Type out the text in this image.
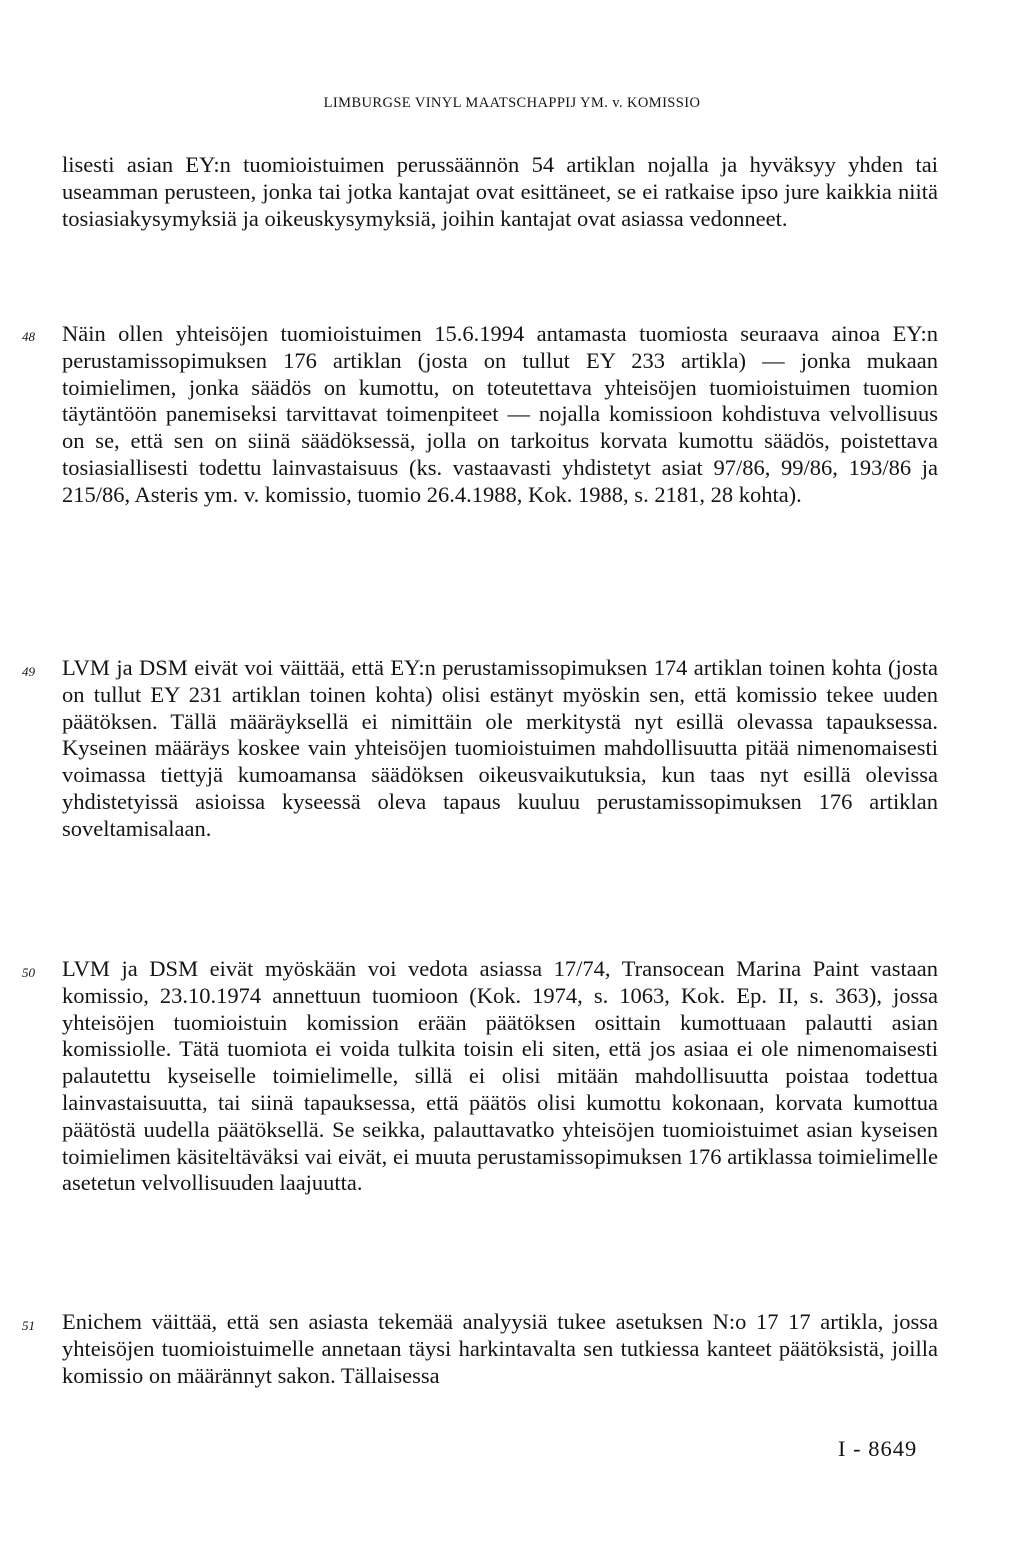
LIMBURGSE VINYL MAATSCHAPPIJ YM. v. KOMISSIO

lisesti asian EY:n tuomioistuimen perussäännön 54 artiklan nojalla ja hyväksyy yhden tai useamman perusteen, jonka tai jotka kantajat ovat esittäneet, se ei ratkaise ipso jure kaikkia niitä tosiasiakysymyksiä ja oikeuskysymyksiä, joihin kantajat ovat asiassa vedonneet.

48 Näin ollen yhteisöjen tuomioistuimen 15.6.1994 antamasta tuomiosta seuraava ainoa EY:n perustamissopimuksen 176 artiklan (josta on tullut EY 233 artikla) — jonka mukaan toimielimen, jonka säädös on kumottu, on toteutettava yhteisöjen tuomioistuimen tuomion täytäntöön panemiseksi tarvittavat toimenpiteet — nojalla komissioon kohdistuva velvollisuus on se, että sen on siinä säädöksessä, jolla on tarkoitus korvata kumottu säädös, poistettava tosiasiallisesti todettu lainvastaisuus (ks. vastaavasti yhdistetyt asiat 97/86, 99/86, 193/86 ja 215/86, Asteris ym. v. komissio, tuomio 26.4.1988, Kok. 1988, s. 2181, 28 kohta).

49 LVM ja DSM eivät voi väittää, että EY:n perustamissopimuksen 174 artiklan toinen kohta (josta on tullut EY 231 artiklan toinen kohta) olisi estänyt myöskin sen, että komissio tekee uuden päätöksen. Tällä määräyksellä ei nimittäin ole merkitystä nyt esillä olevassa tapauksessa. Kyseinen määräys koskee vain yhteisöjen tuomioistuimen mahdollisuutta pitää nimenomaisesti voimassa tiettyjä kumoamansa säädöksen oikeusvaikutuksia, kun taas nyt esillä olevissa yhdistetyissä asioissa kyseessä oleva tapaus kuuluu perustamissopimuksen 176 artiklan soveltamisalaan.

50 LVM ja DSM eivät myöskään voi vedota asiassa 17/74, Transocean Marina Paint vastaan komissio, 23.10.1974 annettuun tuomioon (Kok. 1974, s. 1063, Kok. Ep. II, s. 363), jossa yhteisöjen tuomioistuin komission erään päätöksen osittain kumottuaan palautti asian komissiolle. Tätä tuomiota ei voida tulkita toisin eli siten, että jos asiaa ei ole nimenomaisesti palautettu kyseiselle toimielimelle, sillä ei olisi mitään mahdollisuutta poistaa todettua lainvastaisuutta, tai siinä tapauksessa, että päätös olisi kumottu kokonaan, korvata kumottua päätöstä uudella päätöksellä. Se seikka, palauttavatko yhteisöjen tuomioistuimet asian kyseisen toimielimen käsiteltäväksi vai eivät, ei muuta perustamissopimuksen 176 artiklassa toimielimelle asetetun velvollisuuden laajuutta.

51 Enichem väittää, että sen asiasta tekemää analyysiä tukee asetuksen N:o 17 17 artikla, jossa yhteisöjen tuomioistuimelle annetaan täysi harkintavalta sen tutkiessa kanteet päätöksistä, joilla komissio on määrännyt sakon. Tällaisessa

I - 8649
